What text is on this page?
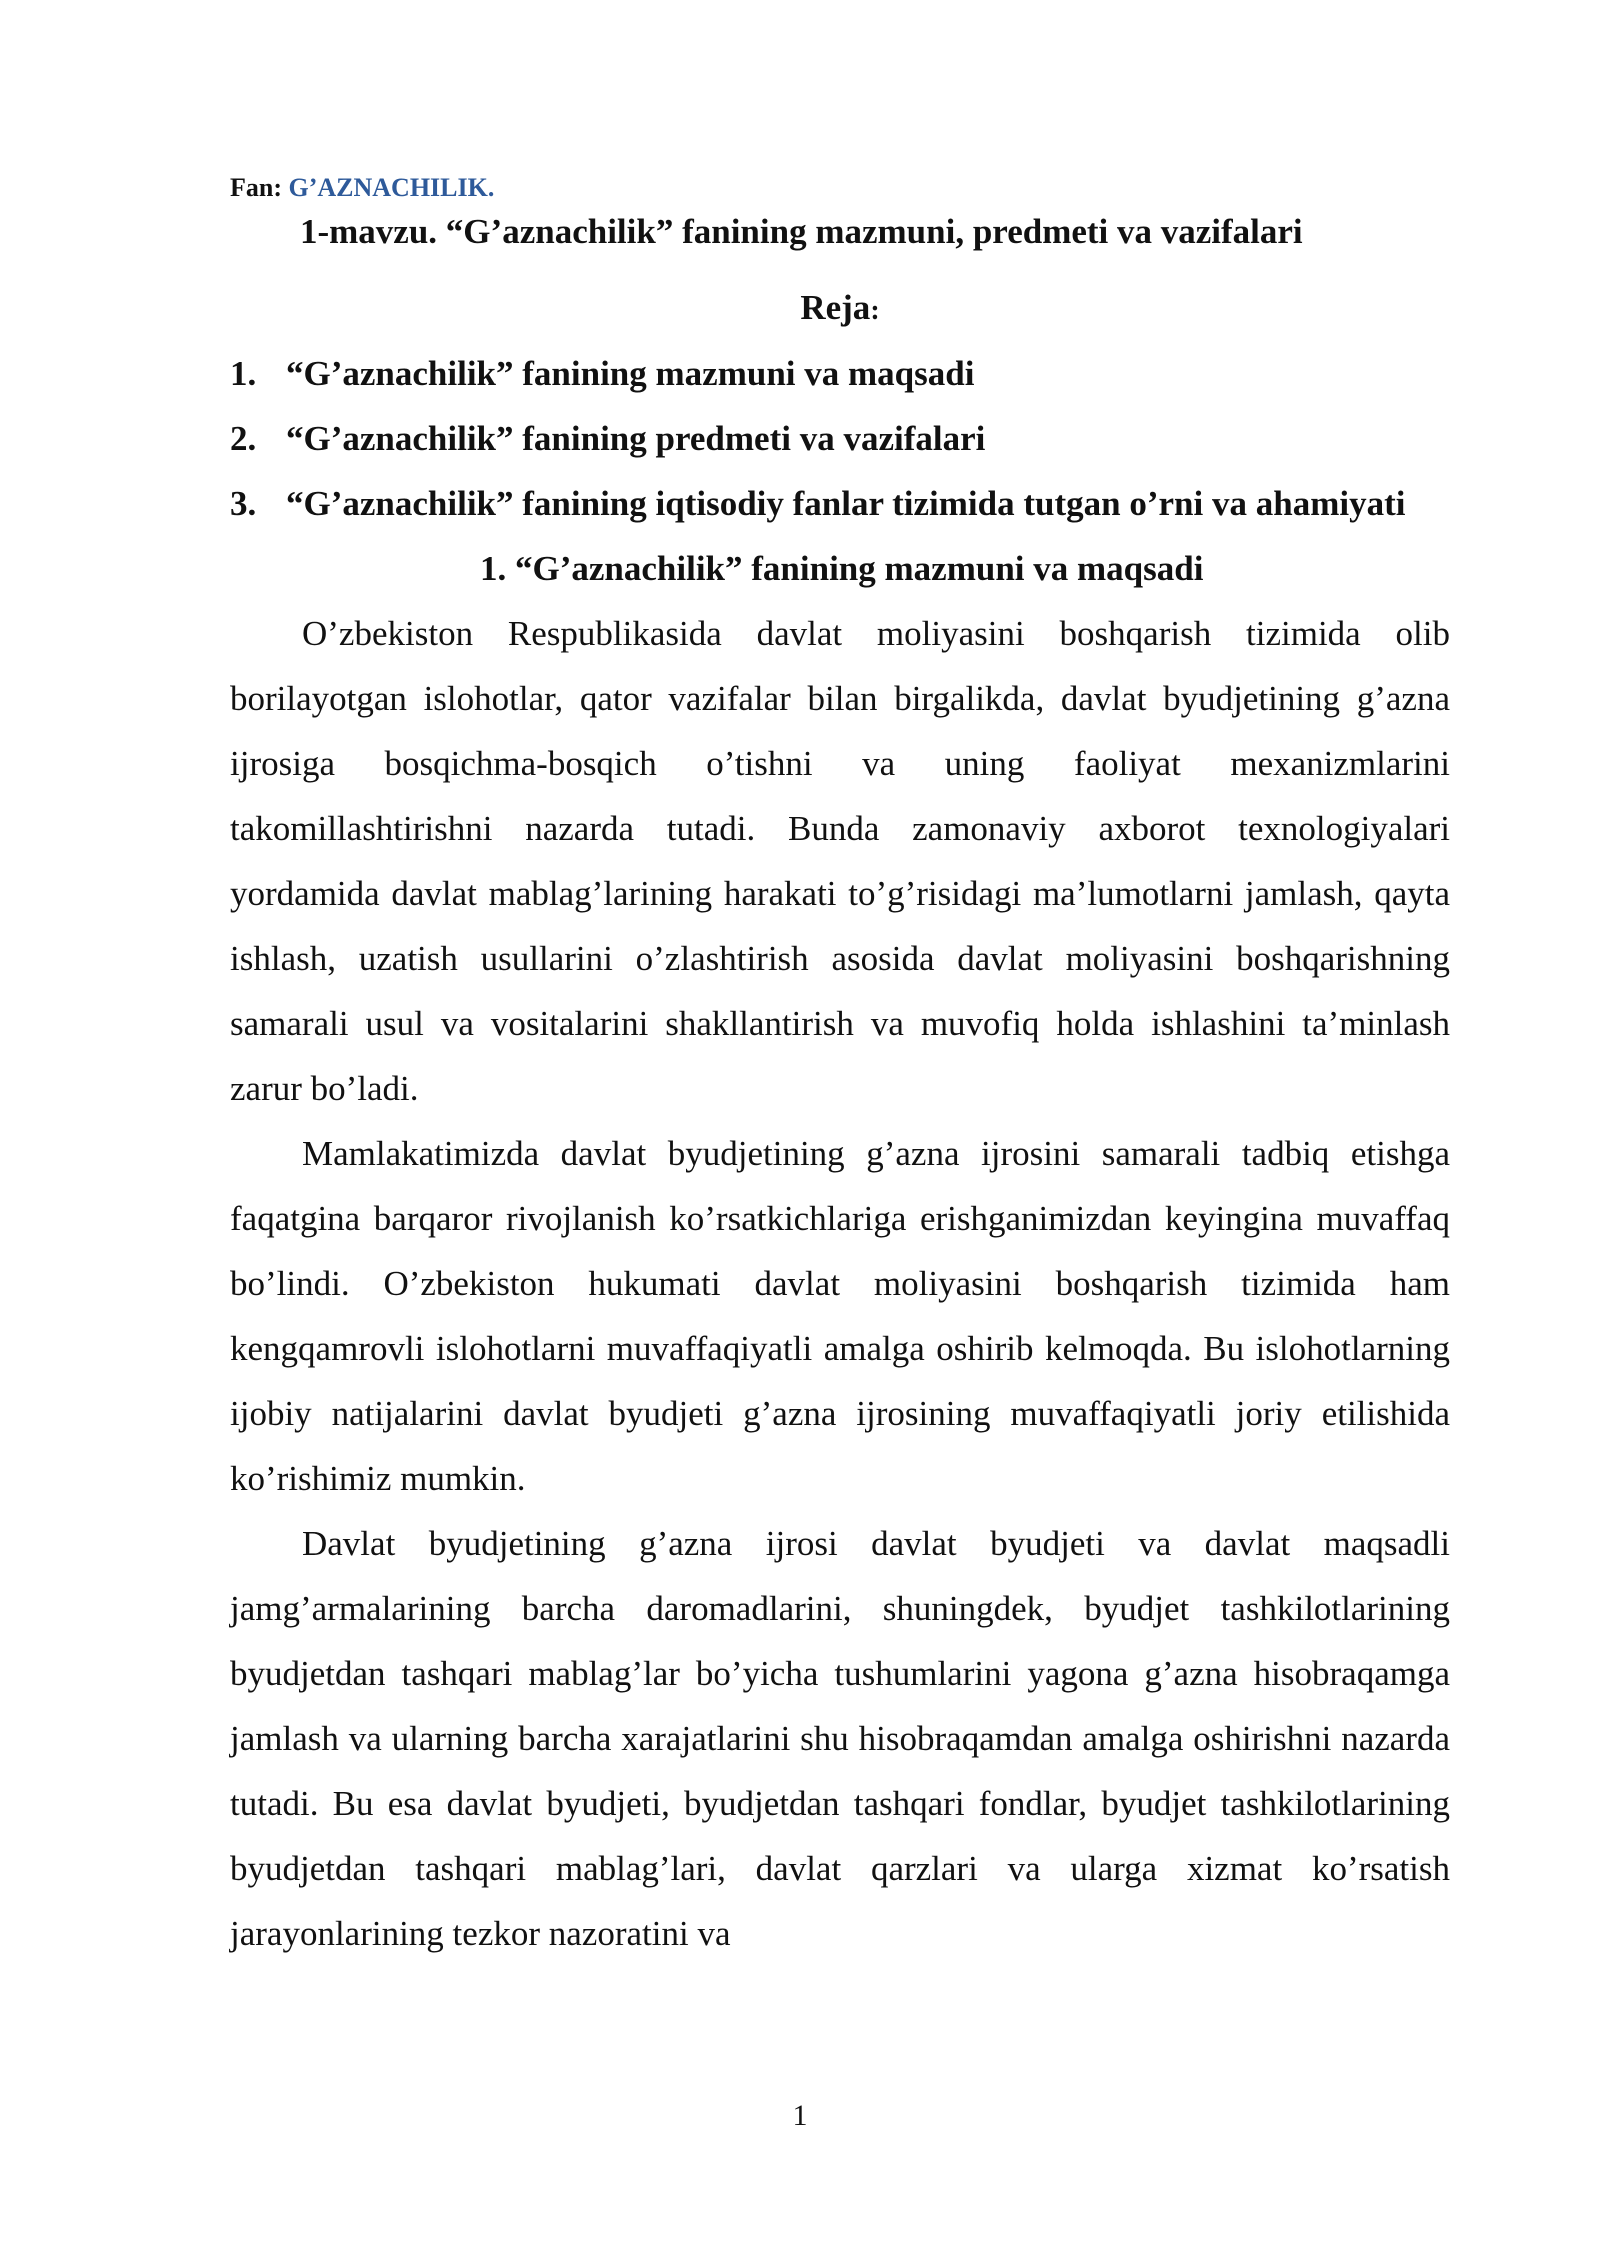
Fan: G’AZNACHILIK.

1-mavzu. “G’aznachilik” fanining mazmuni, predmeti va vazifalari

Reja:
1. “G’aznachilik” fanining mazmuni va maqsadi
2. “G’aznachilik” fanining predmeti va vazifalari
3. “G’aznachilik” fanining iqtisodiy fanlar tizimida tutgan o’rni va ahamiyati

1. “G’aznachilik” fanining mazmuni va maqsadi

O’zbekiston Respublikasida davlat moliyasini boshqarish tizimida olib borilayotgan islohotlar, qator vazifalar bilan birgalikda, davlat byudjetining g’azna ijrosiga bosqichma-bosqich o’tishni va uning faoliyat mexanizmlarini takomillashtirishni nazarda tutadi. Bunda zamonaviy axborot texnologiyalari yordamida davlat mablag’larining harakati to’g’risidagi ma’lumotlarni jamlash, qayta ishlash, uzatish usullarini o’zlashtirish asosida davlat moliyasini boshqarishning samarali usul va vositalarini shakllantirish va muvofiq holda ishlashini ta’minlash zarur bo’ladi.

Mamlakatimizda davlat byudjetining g’azna ijrosini samarali tadbiq etishga faqatgina barqaror rivojlanish ko’rsatkichlariga erishganimizdan keyingina muvaffaq bo’lindi. O’zbekiston hukumati davlat moliyasini boshqarish tizimida ham kengqamrovli islohotlarni muvaffaqiyatli amalga oshirib kelmoqda. Bu islohotlarning ijobiy natijalarini davlat byudjeti g’azna ijrosining muvaffaqiyatli joriy etilishida ko’rishimiz mumkin.

Davlat byudjetining g’azna ijrosi davlat byudjeti va davlat maqsadli jamg’armalarining barcha daromadlarini, shuningdek, byudjet tashkilotlarining byudjetdan tashqari mablag’lar bo’yicha tushumlarini yagona g’azna hisobraqamga jamlash va ularning barcha xarajatlarini shu hisobraqamdan amalga oshirishni nazarda tutadi. Bu esa davlat byudjeti, byudjetdan tashqari fondlar, byudjet tashkilotlarining byudjetdan tashqari mablag’lari, davlat qarzlari va ularga xizmat ko’rsatish jarayonlarining tezkor nazoratini va

1
